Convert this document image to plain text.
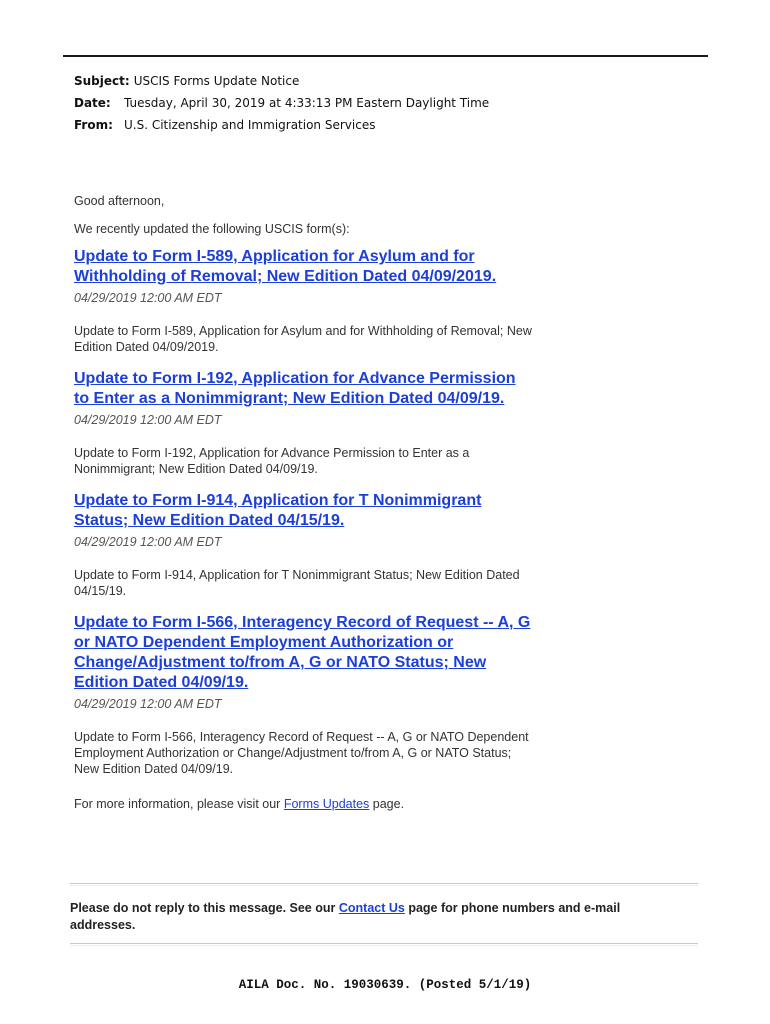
Subject: USCIS Forms Update Notice
Date: Tuesday, April 30, 2019 at 4:33:13 PM Eastern Daylight Time
From: U.S. Citizenship and Immigration Services

Good afternoon,

We recently updated the following USCIS form(s):

Update to Form I-589, Application for Asylum and for Withholding of Removal; New Edition Dated 04/09/2019.
04/29/2019 12:00 AM EDT

Update to Form I-589, Application for Asylum and for Withholding of Removal; New Edition Dated 04/09/2019.

Update to Form I-192, Application for Advance Permission to Enter as a Nonimmigrant; New Edition Dated 04/09/19.
04/29/2019 12:00 AM EDT

Update to Form I-192, Application for Advance Permission to Enter as a Nonimmigrant; New Edition Dated 04/09/19.

Update to Form I-914, Application for T Nonimmigrant Status; New Edition Dated 04/15/19.
04/29/2019 12:00 AM EDT

Update to Form I-914, Application for T Nonimmigrant Status; New Edition Dated 04/15/19.

Update to Form I-566, Interagency Record of Request -- A, G or NATO Dependent Employment Authorization or Change/Adjustment to/from A, G or NATO Status; New Edition Dated 04/09/19.
04/29/2019 12:00 AM EDT

Update to Form I-566, Interagency Record of Request -- A, G or NATO Dependent Employment Authorization or Change/Adjustment to/from A, G or NATO Status; New Edition Dated 04/09/19.

For more information, please visit our Forms Updates page.

Please do not reply to this message. See our Contact Us page for phone numbers and e-mail addresses.
AILA Doc. No. 19030639. (Posted 5/1/19)
